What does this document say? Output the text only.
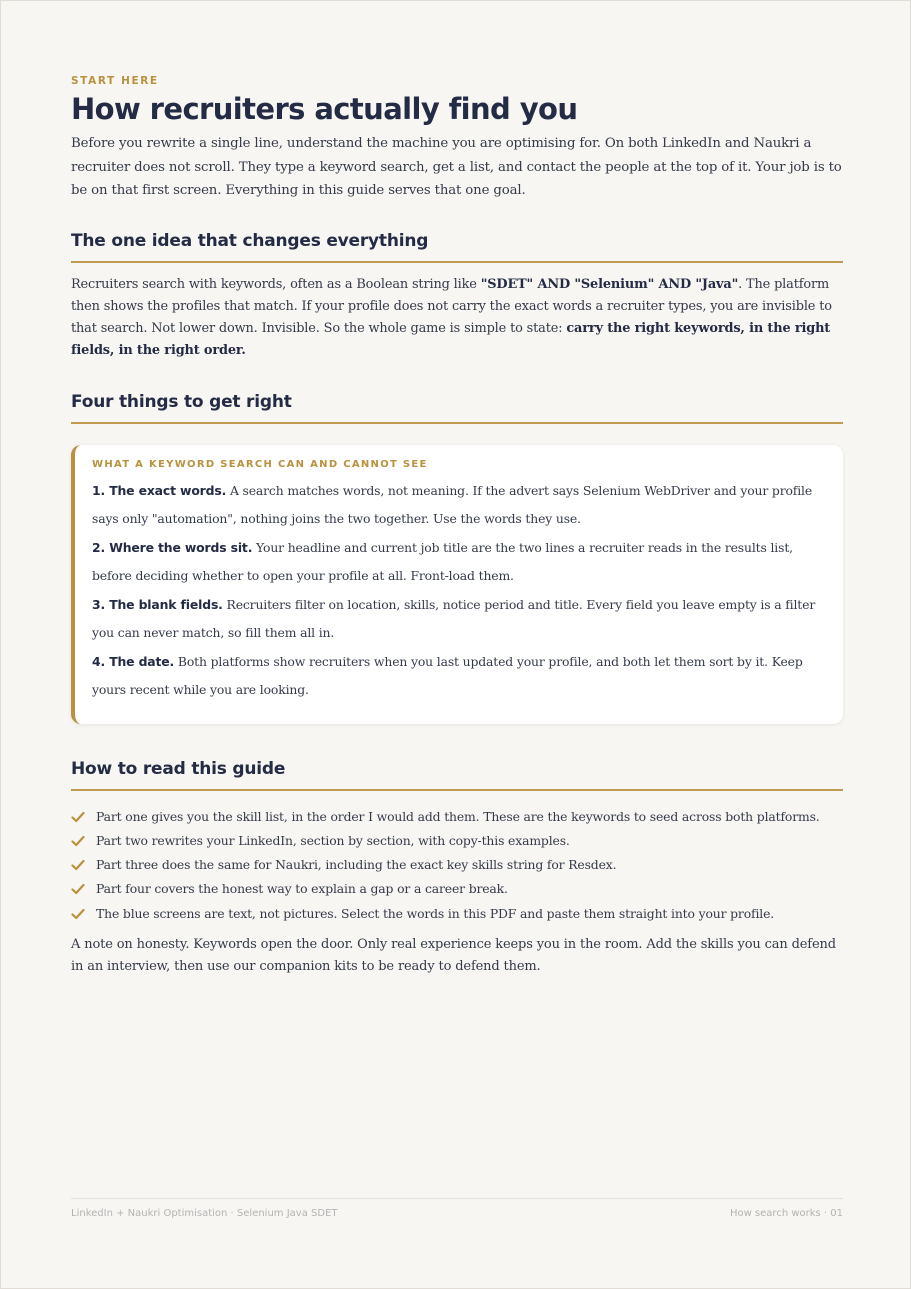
START HERE
How recruiters actually find you

Before you rewrite a single line, understand the machine you are optimising for. On both LinkedIn and Naukri a recruiter does not scroll. They type a keyword search, get a list, and contact the people at the top of it. Your job is to be on that first screen. Everything in this guide serves that one goal.

The one idea that changes everything

Recruiters search with keywords, often as a Boolean string like "SDET" AND "Selenium" AND "Java". The platform then shows the profiles that match. If your profile does not carry the exact words a recruiter types, you are invisible to that search. Not lower down. Invisible. So the whole game is simple to state: carry the right keywords, in the right fields, in the right order.

Four things to get right
WHAT A KEYWORD SEARCH CAN AND CANNOT SEE
1. The exact words. A search matches words, not meaning. If the advert says Selenium WebDriver and your profile says only "automation", nothing joins the two together. Use the words they use.
2. Where the words sit. Your headline and current job title are the two lines a recruiter reads in the results list, before deciding whether to open your profile at all. Front-load them.
3. The blank fields. Recruiters filter on location, skills, notice period and title. Every field you leave empty is a filter you can never match, so fill them all in.
4. The date. Both platforms show recruiters when you last updated your profile, and both let them sort by it. Keep yours recent while you are looking.
How to read this guide
Part one gives you the skill list, in the order I would add them. These are the keywords to seed across both platforms.
Part two rewrites your LinkedIn, section by section, with copy-this examples.
Part three does the same for Naukri, including the exact key skills string for Resdex.
Part four covers the honest way to explain a gap or a career break.
The blue screens are text, not pictures. Select the words in this PDF and paste them straight into your profile.

A note on honesty. Keywords open the door. Only real experience keeps you in the room. Add the skills you can defend in an interview, then use our companion kits to be ready to defend them.

LinkedIn + Naukri Optimisation · Selenium Java SDET	How search works · 01
